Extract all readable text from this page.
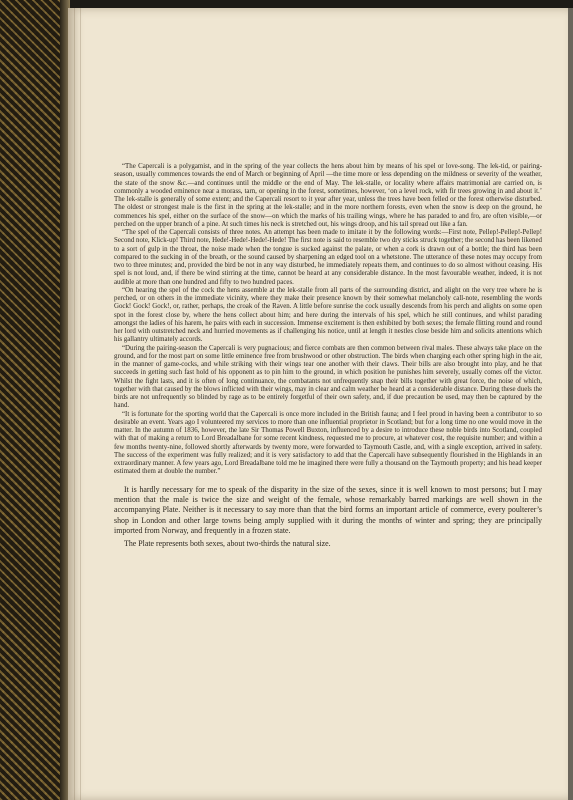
“The Capercali is a polygamist, and in the spring of the year collects the hens about him by means of his spel or love-song. The lek-tid, or pairing-season, usually commences towards the end of March or beginning of April —the time more or less depending on the mildness or severity of the weather, the state of the snow &c.—and continues until the middle or the end of May. The lek-stalle, or locality where affairs matrimonial are carried on, is commonly a wooded eminence near a morass, tarn, or opening in the forest, sometimes, however, ‘on a level rock, with fir trees growing in and about it.’ The lek-stalle is generally of some extent; and the Capercali resort to it year after year, unless the trees have been felled or the forest otherwise disturbed. The oldest or strongest male is the first in the spring at the lek-stalle; and in the more northern forests, even when the snow is deep on the ground, he commences his spel, either on the surface of the snow—on which the marks of his trailing wings, where he has paraded to and fro, are often visible,—or perched on the upper branch of a pine. At such times his neck is stretched out, his wings droop, and his tail spread out like a fan.

“The spel of the Capercali consists of three notes. An attempt has been made to imitate it by the following words:—First note, Pellep!-Pellep!-Pellep! Second note, Klick-up! Third note, Hede!-Hede!-Hede!-Hede! The first note is said to resemble two dry sticks struck together; the second has been likened to a sort of gulp in the throat, the noise made when the tongue is sucked against the palate, or when a cork is drawn out of a bottle; the third has been compared to the sucking in of the breath, or the sound caused by sharpening an edged tool on a whetstone. The utterance of these notes may occupy from two to three minutes; and, provided the bird be not in any way disturbed, he immediately repeats them, and continues to do so almost without ceasing. His spel is not loud, and, if there be wind stirring at the time, cannot be heard at any considerable distance. In the most favourable weather, indeed, it is not audible at more than one hundred and fifty to two hundred paces.

“On hearing the spel of the cock the hens assemble at the lek-stalle from all parts of the surrounding district, and alight on the very tree where he is perched, or on others in the immediate vicinity, where they make their presence known by their somewhat melancholy call-note, resembling the words Gock! Gock! Gock!, or, rather, perhaps, the croak of the Raven. A little before sunrise the cock usually descends from his perch and alights on some open spot in the forest close by, where the hens collect about him; and here during the intervals of his spel, which he still continues, and whilst parading amongst the ladies of his harem, he pairs with each in succession. Immense excitement is then exhibited by both sexes; the female flitting round and round her lord with outstretched neck and hurried movements as if challenging his notice, until at length it nestles close beside him and solicits attentions which his gallantry ultimately accords.

“During the pairing-season the Capercali is very pugnacious; and fierce combats are then common between rival males. These always take place on the ground, and for the most part on some little eminence free from brushwood or other obstruction. The birds when charging each other spring high in the air, in the manner of game-cocks, and while striking with their wings tear one another with their claws. Their bills are also brought into play, and he that succeeds in getting such fast hold of his opponent as to pin him to the ground, in which position he punishes him severely, usually comes off the victor. Whilst the fight lasts, and it is often of long continuance, the combatants not unfrequently snap their bills together with great force, the noise of which, together with that caused by the blows inflicted with their wings, may in clear and calm weather be heard at a considerable distance. During these duels the birds are not unfrequently so blinded by rage as to be entirely forgetful of their own safety, and, if due precaution be used, may then be captured by the hand.

“It is fortunate for the sporting world that the Capercali is once more included in the British fauna; and I feel proud in having been a contributor to so desirable an event. Years ago I volunteered my services to more than one influential proprietor in Scotland; but for a long time no one would move in the matter. In the autumn of 1836, however, the late Sir Thomas Powell Buxton, influenced by a desire to introduce these noble birds into Scotland, coupled with that of making a return to Lord Breadalbane for some recent kindness, requested me to procure, at whatever cost, the requisite number; and within a few months twenty-nine, followed shortly afterwards by twenty more, were forwarded to Taymouth Castle, and, with a single exception, arrived in safety. The success of the experiment was fully realized; and it is very satisfactory to add that the Capercali have subsequently flourished in the Highlands in an extraordinary manner. A few years ago, Lord Breadalbane told me he imagined there were fully a thousand on the Taymouth property; and his head keeper estimated them at double the number.”

It is hardly necessary for me to speak of the disparity in the size of the sexes, since it is well known to most persons; but I may mention that the male is twice the size and weight of the female, whose remarkably barred markings are well shown in the accompanying Plate. Neither is it necessary to say more than that the bird forms an important article of commerce, every poulterer’s shop in London and other large towns being amply supplied with it during the months of winter and spring; they are principally imported from Norway, and frequently in a frozen state.

The Plate represents both sexes, about two-thirds the natural size.
